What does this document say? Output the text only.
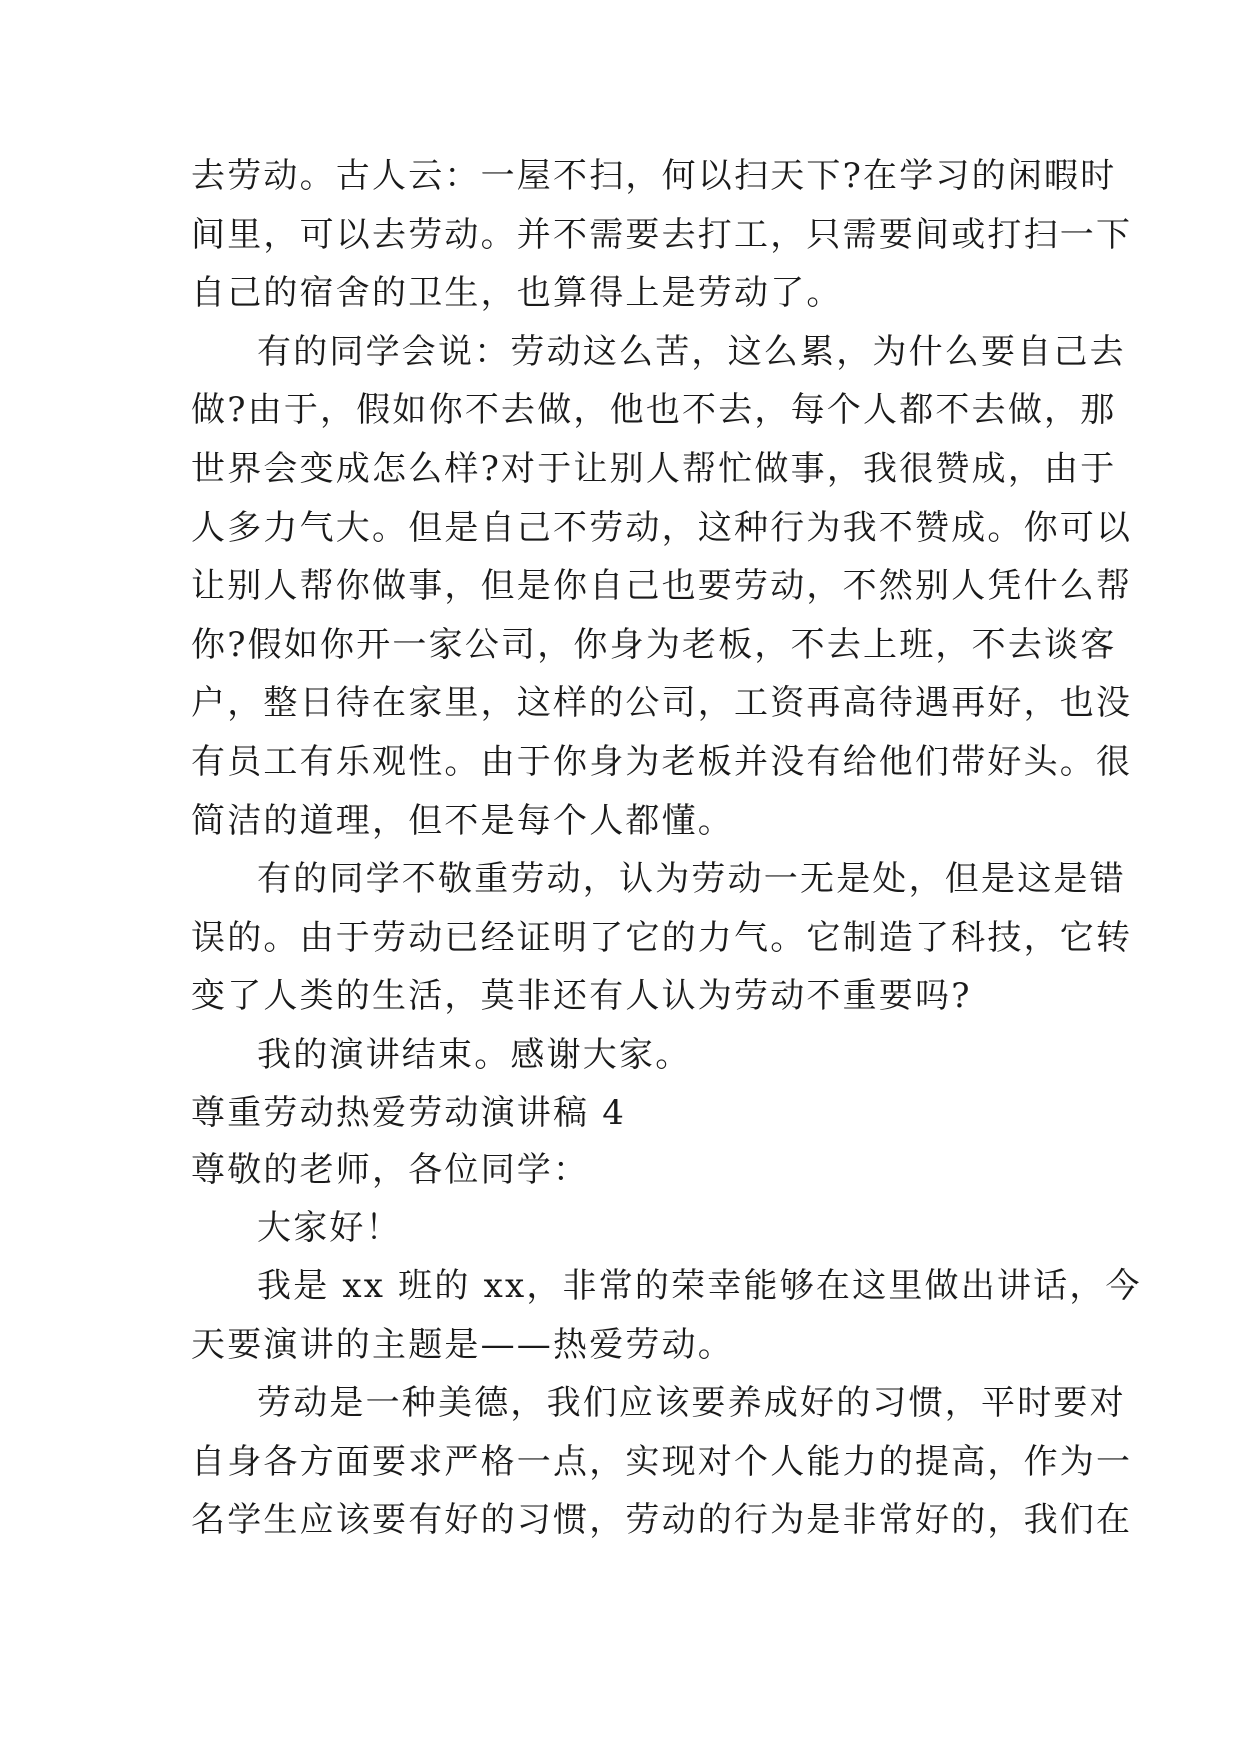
去劳动。古人云：一屋不扫，何以扫天下?在学习的闲暇时
间里，可以去劳动。并不需要去打工，只需要间或打扫一下
自己的宿舍的卫生，也算得上是劳动了。
有的同学会说：劳动这么苦，这么累，为什么要自己去
做?由于，假如你不去做，他也不去，每个人都不去做，那
世界会变成怎么样?对于让别人帮忙做事，我很赞成，由于
人多力气大。但是自己不劳动，这种行为我不赞成。你可以
让别人帮你做事，但是你自己也要劳动，不然别人凭什么帮
你?假如你开一家公司，你身为老板，不去上班，不去谈客
户，整日待在家里，这样的公司，工资再高待遇再好，也没
有员工有乐观性。由于你身为老板并没有给他们带好头。很
简洁的道理，但不是每个人都懂。
有的同学不敬重劳动，认为劳动一无是处，但是这是错
误的。由于劳动已经证明了它的力气。它制造了科技，它转
变了人类的生活，莫非还有人认为劳动不重要吗?
我的演讲结束。感谢大家。
尊重劳动热爱劳动演讲稿 4
尊敬的老师，各位同学：
大家好！
我是 xx 班的 xx，非常的荣幸能够在这里做出讲话，今
天要演讲的主题是——热爱劳动。
劳动是一种美德，我们应该要养成好的习惯，平时要对
自身各方面要求严格一点，实现对个人能力的提高，作为一
名学生应该要有好的习惯，劳动的行为是非常好的，我们在
